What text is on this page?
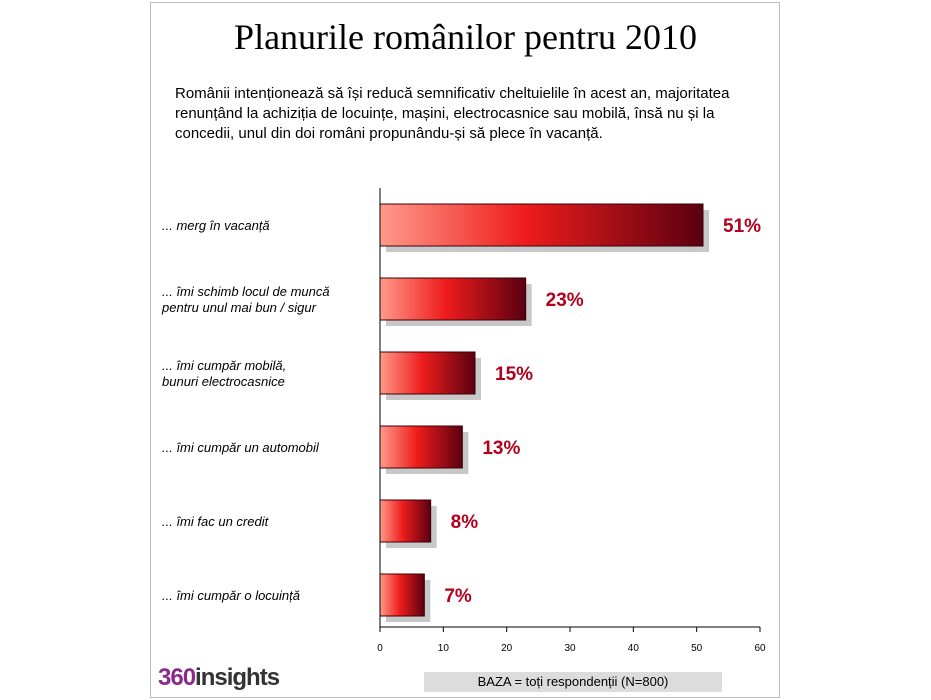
Planurile românilor pentru 2010

Românii intenționează să își reducă semnificativ cheltuielile în acest an, majoritatea renunțând la achiziția de locuințe, mașini, electrocasnice sau mobilă, însă nu și la concedii, unul din doi români propunându-și să plece în vacanță.

51%
... merg în vacanță
23%
... îmi schimb locul de muncă pentru unul mai bun / sigur
15%
... îmi cumpăr mobilă, bunuri electrocasnice
13%
... îmi cumpăr un automobil
8%
... îmi fac un credit
7%
... îmi cumpăr o locuință
0	10	20	30	40	50	60
360insights	BAZA = toți respondenții (N=800)
